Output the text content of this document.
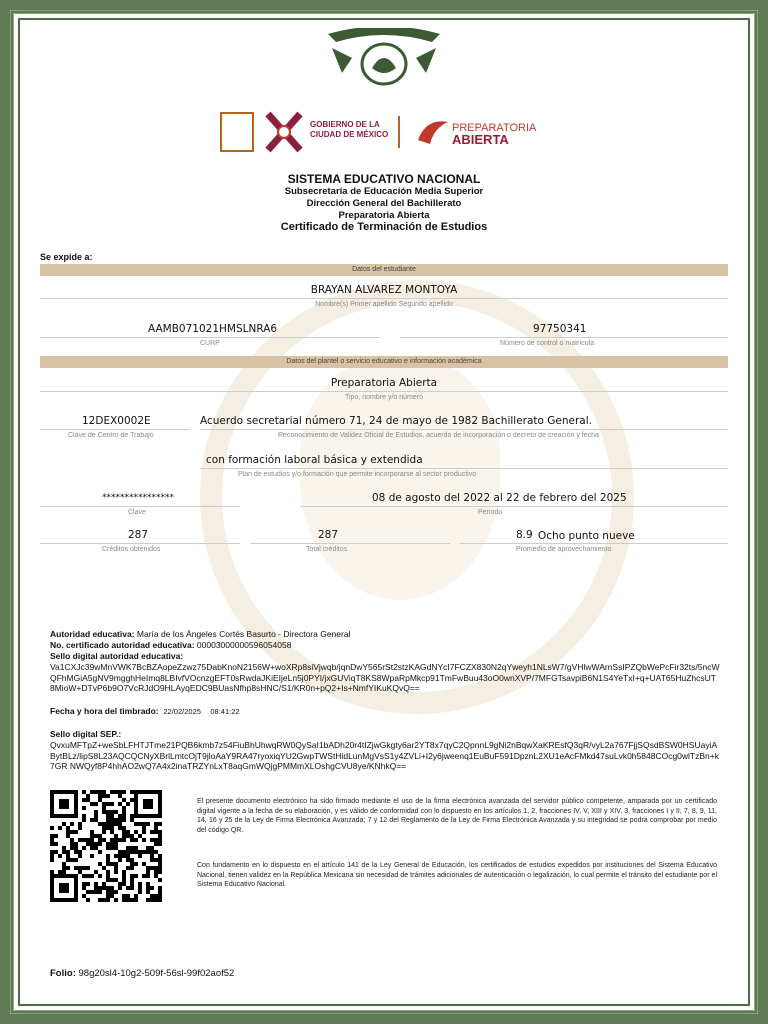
GOBIERNO DE LA
CIUDAD DE MÉXICO
PREPARATORIA
ABIERTA
SISTEMA EDUCATIVO NACIONAL
Subsecretaría de Educación Media Superior
Dirección General del Bachillerato
Preparatoria Abierta
Certificado de Terminación de Estudios
Se expide a:
Datos del estudiante
BRAYAN ALVAREZ MONTOYA
Nombre(s) Primer apellido Segundo apellido
AAMB071021HMSLNRA6
CURP
97750341
Número de control o matrícula
Datos del plantel o servicio educativo e información académica
Preparatoria Abierta
Tipo, nombre y/o número
12DEX0002E
Clave de Centro de Trabajo
Acuerdo secretarial número 71, 24 de mayo de 1982 Bachillerato General.
Reconocimiento de Validez Oficial de Estudios, acuerdo de incorporación o decreto de creación y fecha
con formación laboral básica y extendida
Plan de estudios y/o formación que permite incorporarse al sector productivo
****************
Clave
08 de agosto del 2022 al 22 de febrero del 2025
Periodo
287
Créditos obtenidos
287
Total créditos
8.9 Ocho punto nueve
Promedio de aprovechamiento
Autoridad educativa: María de los Ángeles Cortés Basurto - Directora General
No. certificado autoridad educativa: 00003000000596054058
Sello digital autoridad educativa:
Va1CXJc39wMnVWK7BcBZAopeZzwz75DabKnoN2156W+woXRp8siVjwqb/jqnDwY565rSt2stzKAGdNYcI7FCZX830N2qYweyh1NLsW7/gVHlwWArnSsIPZQbWePcFir32ts/5ncWQFhMGiA5gNV9mgghHeImq8LBIvfVOcnzgEFT0sRwdaJKiEIjeLn5j0PYI/jxGUViqT8KS8WpaRpMkcp91TmFwBuu43oO0wnXVP/7MFGTsavpiB6N1S4YeTxI+q+UAT65HuZhcsUT8MioW+DTvP6b9O7VcRJdO9HLAyqEDC9BUasNfhp8sHNC/S1/KR0n+pQ2+Is+NmfYIKuKQvQ==
Fecha y hora del timbrado: 22/02/2025 08:41:22
Sello digital SEP.:
QvxuMFTpZ+weSbLFHTJTme21PQB6kmb7z54FiuBhUhwqRW0QySaI1bADh20r4tIZjwGkgty6ar2YT8x7qyC2QpnnL9gNi2nBqwXaKREsfQ3qR/vyL2a767FjjSQsdBSW0HSUayiABytBLz/lipS8L23AQCQCNyXBrlLmtcOjT9jloAaY9RA47ryoxiqYU2GwpTWStHidLunMgVsS1y4ZVLi+I2y6jweenq1EuBuF591DpznL2XU1eAcFMkd47suLvk0h5848COcg0wlTzBn+k7GR NWQyf8P4hhAO2wQ7A4x2inaTRZYnLxT8aqGmWQjgPMMmXLOshgCVU8ye/KNhkQ==
El presente documento electrónico ha sido firmado mediante el uso de la firma electrónica avanzada del servidor público competente, amparada por un certificado digital vigente a la fecha de su elaboración, y es válido de conformidad con lo dispuesto en los artículos 1, 2, fracciones IV, V, XIII y XIV, 3, fracciones I y II, 7, 8, 9, 11, 14, 16 y 25 de la Ley de Firma Electrónica Avanzada; 7 y 12 del Reglamento de la Ley de Firma Electrónica Avanzada y su integridad se podrá comprobar por medio del código QR.
Con fundamento en lo dispuesto en el artículo 141 de la Ley General de Educación, los certificados de estudios expedidos por instituciones del Sistema Educativo Nacional, tienen validez en la República Mexicana sin necesidad de trámites adicionales de autenticación o legalización, lo cual permite el tránsito del estudiante por el Sistema Educativo Nacional.
Folio: 98g20sl4-10g2-509f-56sl-99f02aof52
